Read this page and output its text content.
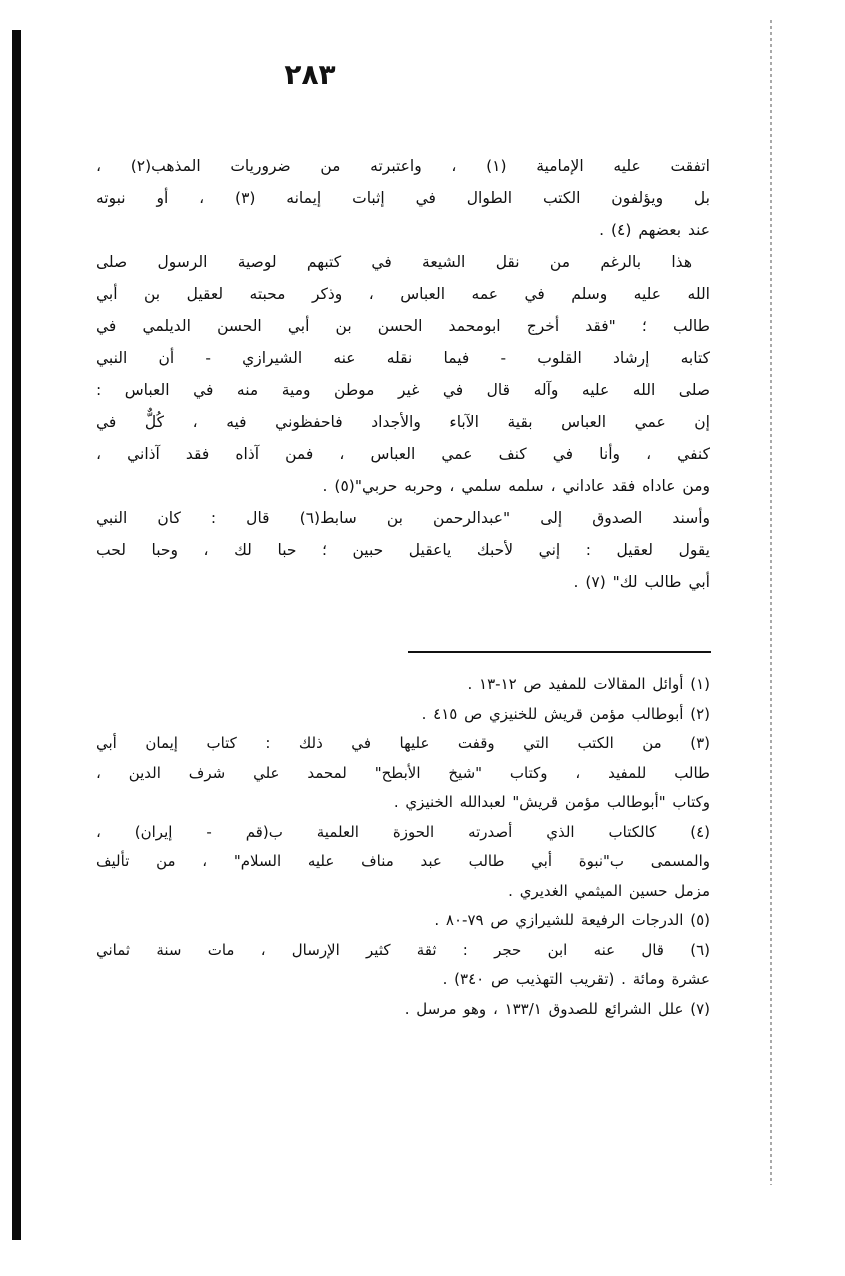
٢٨٣
اتفقت عليه الإمامية (١) ، واعتبرته من ضروريات المذهب(٢) ،
بل ويؤلفون الكتب الطوال في إثبات إيمانه (٣) ، أو نبوته
عند بعضهم (٤) .
هذا بالرغم من نقل الشيعة في كتبهم لوصية الرسول صلى
الله عليه وسلم في عمه العباس ، وذكر محبته لعقيل بن أبي
طالب ؛ "فقد أخرج ابومحمد الحسن بن أبي الحسن الديلمي في
كتابه إرشاد القلوب - فيما نقله عنه الشيرازي - أن النبي
صلى الله عليه وآله قال في غير موطن ومية منه في العباس :
إن عمي العباس بقية الآباء والأجداد فاحفظوني فيه ، كُلٌّ في
كنفي ، وأنا في كنف عمي العباس ، فمن آذاه فقد آذاني ،
ومن عاداه فقد عاداني ، سلمه سلمي ، وحربه حربي"(٥) .
وأسند الصدوق إلى "عبدالرحمن بن سابط(٦) قال : كان النبي
يقول لعقيل : إني لأحبك ياعقيل حبين ؛ حبا لك ، وحبا لحب
أبي طالب لك" (٧) .
(١) أوائل المقالات للمفيد ص ١٢-١٣ .
(٢) أبوطالب مؤمن قريش للخنيزي ص ٤١٥ .
(٣) من الكتب التي وقفت عليها في ذلك : كتاب إيمان أبي
طالب للمفيد ، وكتاب "شيخ الأبطح" لمحمد علي شرف الدين ،
وكتاب "أبوطالب مؤمن قريش" لعبدالله الخنيزي .
(٤) كالكتاب الذي أصدرته الحوزة العلمية ب(قم - إيران) ،
والمسمى ب"نبوة أبي طالب عبد مناف عليه السلام" ، من تأليف
مزمل حسين الميثمي الغديري .
(٥) الدرجات الرفيعة للشيرازي ص ٧٩-٨٠ .
(٦) قال عنه ابن حجر : ثقة كثير الإرسال ، مات سنة ثماني
عشرة ومائة . (تقريب التهذيب ص ٣٤٠) .
(٧) علل الشرائع للصدوق ١٣٣/١ ، وهو مرسل .
